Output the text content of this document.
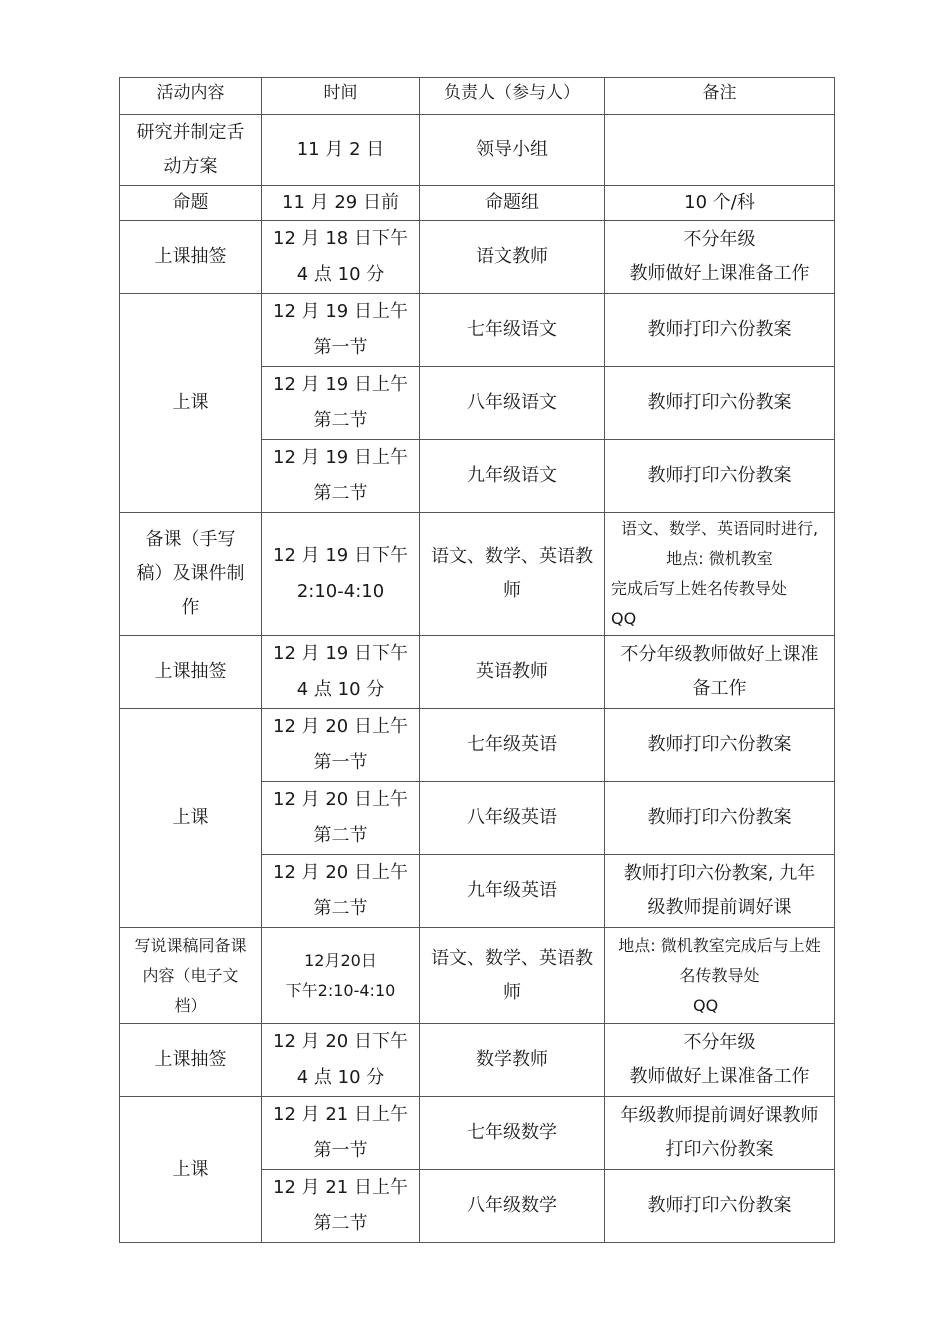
活动内容	时间	负责人（参与人）	备注

研究并制定舌
动方案	11 月 2 日	领导小组	

命题	11 月 29 日前	命题组	10 个/科

上课抽签	12 月 18 日下午
4 点 10 分	语文教师	不分年级
教师做好上课准备工作

上课	12 月 19 日上午
第一节	七年级语文	教师打印六份教案

	12 月 19 日上午
第二节	八年级语文	教师打印六份教案

	12 月 19 日上午
第二节	九年级语文	教师打印六份教案

备课（手写
稿）及课件制
作	12 月 19 日下午
2:10-4:10	语文、数学、英语教
师	语文、数学、英语同时进行,
地点: 微机教室
完成后写上姓名传教导处
QQ

上课抽签	12 月 19 日下午
4 点 10 分	英语教师	不分年级教师做好上课准
备工作

上课	12 月 20 日上午
第一节	七年级英语	教师打印六份教案

	12 月 20 日上午
第二节	八年级英语	教师打印六份教案

	12 月 20 日上午
第二节	九年级英语	教师打印六份教案, 九年
级教师提前调好课

写说课稿同备课
内容（电子文
档）	12月20日
下午2:10-4:10	语文、数学、英语教
师	地点: 微机教室完成后与上姓
名传教导处
QQ

上课抽签	12 月 20 日下午
4 点 10 分	数学教师	不分年级
教师做好上课准备工作

上课	12 月 21 日上午
第一节	七年级数学	年级教师提前调好课教师
打印六份教案

	12 月 21 日上午
第二节	八年级数学	教师打印六份教案
